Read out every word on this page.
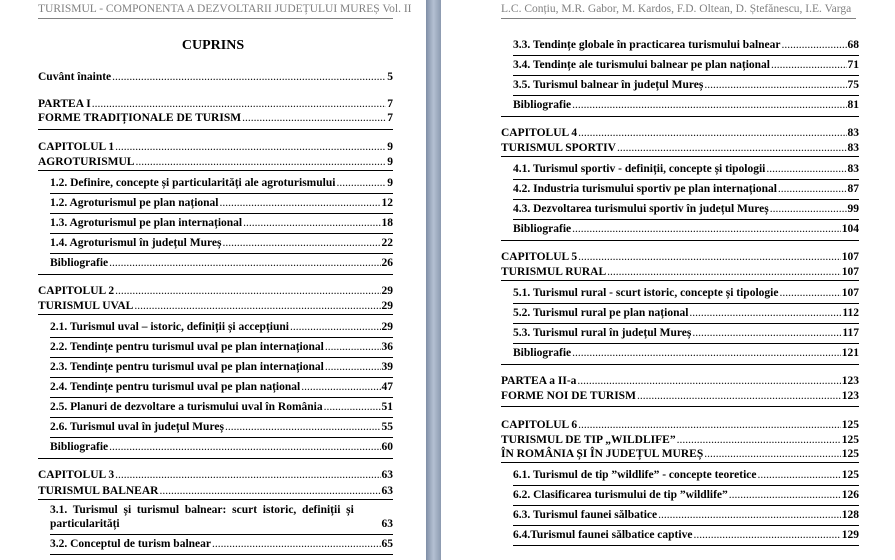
TURISMUL - COMPONENTA A DEZVOLTARII JUDEȚULUI MUREȘ Vol. II
CUPRINS
Cuvânt înainte .....	5
PARTEA I .....	7
FORME TRADIȚIONALE DE TURISM .....	7
CAPITOLUL 1 .....	9
AGROTURISMUL .....	9
1.2. Definire, concepte și particularități ale agroturismului .....	9
1.2. Agroturismul pe plan național .....	12
1.3. Agroturismul pe plan internațional .....	18
1.4. Agroturismul în județul Mureș .....	22
Bibliografie .....	26
CAPITOLUL 2 .....	29
TURISMUL UVAL .....	29
2.1. Turismul uval – istoric, definiții și accepțiuni .....	29
2.2. Tendințe pentru turismul uval pe plan internațional .....	36
2.3. Tendințe pentru turismul uval pe plan internațional .....	39
2.4. Tendințe pentru turismul uval pe plan național .....	47
2.5. Planuri de dezvoltare a turismului uval în România .....	51
2.6. Turismul uval în județul Mureș .....	55
Bibliografie .....	60
CAPITOLUL 3 .....	63
TURISMUL BALNEAR .....	63
3.1.  Turismul  și  turismul  balnear:  scurt  istoric,  definiții  și
particularități	63
3.2. Conceptul de turism balnear .....	65
L.C. Conțiu, M.R. Gabor, M. Kardos, F.D. Oltean, D. Ștefănescu, I.E. Varga
3.3. Tendințe globale în practicarea turismului balnear .....	68
3.4. Tendințe ale turismului balnear pe plan național .....	71
3.5. Turismul balnear în județul Mureș .....	75
Bibliografie .....	81
CAPITOLUL 4 .....	83
TURISMUL SPORTIV .....	83
4.1. Turismul sportiv - definiții, concepte și tipologii .....	83
4.2. Industria turismului sportiv pe plan internațional .....	87
4.3. Dezvoltarea turismului sportiv în județul Mureș .....	99
Bibliografie .....	104
CAPITOLUL 5 .....	107
TURISMUL RURAL .....	107
5.1. Turismul rural - scurt istoric, concepte și tipologie .....	107
5.2. Turismul rural pe plan național .....	112
5.3. Turismul rural în județul Mureș .....	117
Bibliografie .....	121
PARTEA a II-a .....	123
FORME NOI DE TURISM .....	123
CAPITOLUL 6 .....	125
TURISMUL DE TIP „WILDLIFE” .....	125
ÎN ROMÂNIA ȘI ÎN JUDEȚUL MUREȘ .....	125
6.1. Turismul de tip ”wildlife” - concepte teoretice .....	125
6.2. Clasificarea turismului de tip ”wildlife” .....	126
6.3. Turismul faunei sălbatice .....	128
6.4.Turismul faunei sălbatice captive .....	129
